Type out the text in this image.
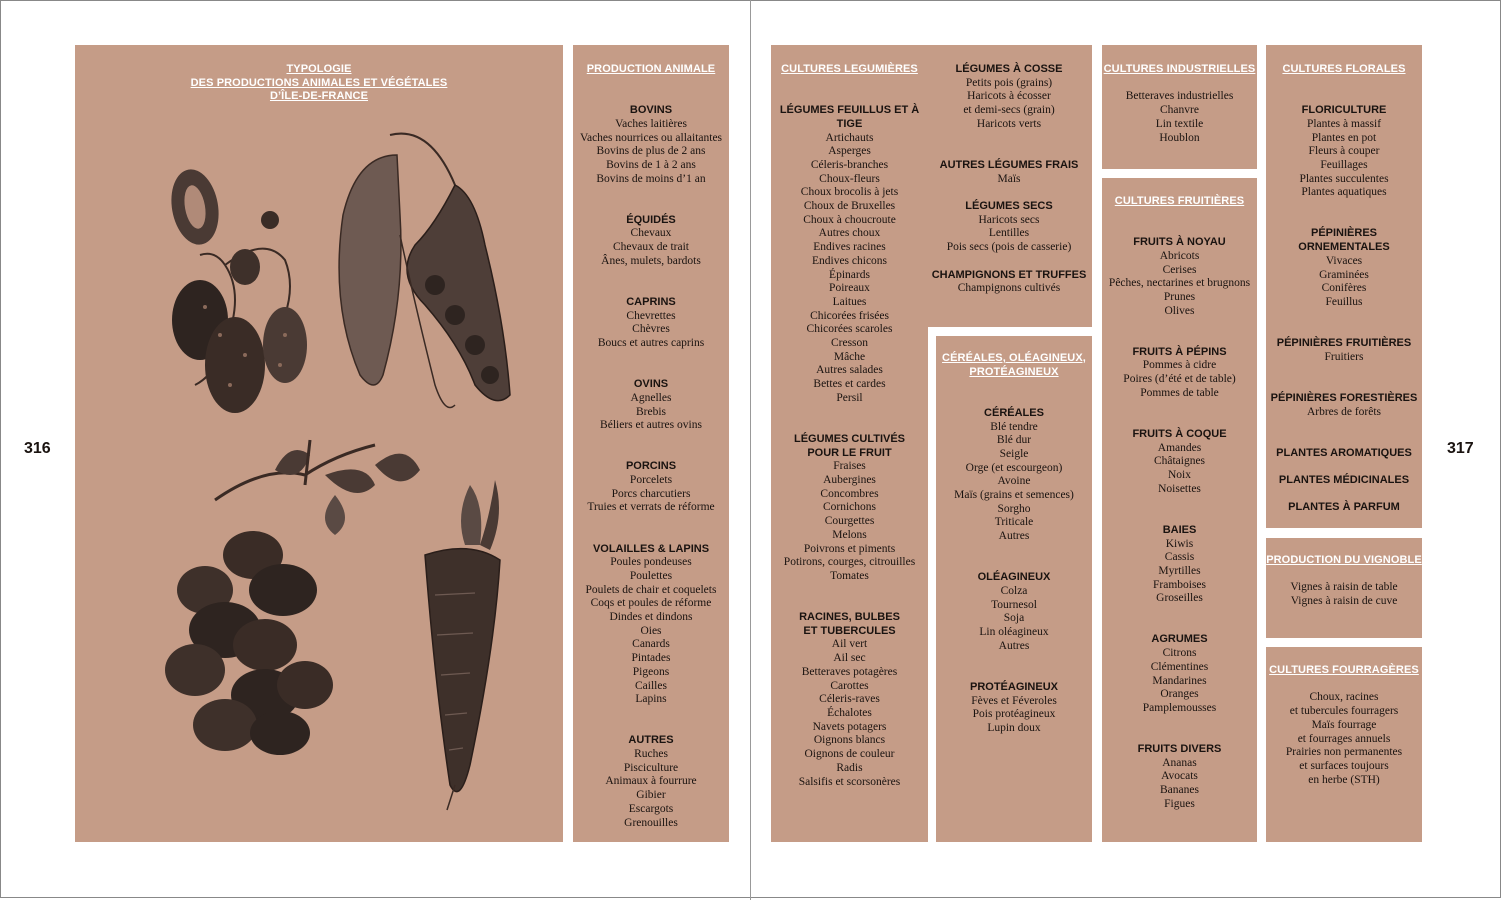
316	317
TYPOLOGIE
DES PRODUCTIONS ANIMALES ET VÉGÉTALES
D’ÎLE-DE-FRANCE
PRODUCTION ANIMALE
BOVINS
Vaches laitières
Vaches nourrices ou allaitantes
Bovins de plus de 2 ans
Bovins de 1 à 2 ans
Bovins de moins d’1 an
ÉQUIDÉS
Chevaux
Chevaux de trait
Ânes, mulets, bardots
CAPRINS
Chevrettes
Chèvres
Boucs et autres caprins
OVINS
Agnelles
Brebis
Béliers et autres ovins
PORCINS
Porcelets
Porcs charcutiers
Truies et verrats de réforme
VOLAILLES & LAPINS
Poules pondeuses
Poulettes
Poulets de chair et coquelets
Coqs et poules de réforme
Dindes et dindons
Oies
Canards
Pintades
Pigeons
Cailles
Lapins
AUTRES
Ruches
Pisciculture
Animaux à fourrure
Gibier
Escargots
Grenouilles
CULTURES LEGUMIÈRES
LÉGUMES FEUILLUS ET À TIGE
Artichauts
Asperges
Céleris-branches
Choux-fleurs
Choux brocolis à jets
Choux de Bruxelles
Choux à choucroute
Autres choux
Endives racines
Endives chicons
Épinards
Poireaux
Laitues
Chicorées frisées
Chicorées scaroles
Cresson
Mâche
Autres salades
Bettes et cardes
Persil
LÉGUMES CULTIVÉS
POUR LE FRUIT
Fraises
Aubergines
Concombres
Cornichons
Courgettes
Melons
Poivrons et piments
Potirons, courges, citrouilles
Tomates
RACINES, BULBES
ET TUBERCULES
Ail vert
Ail sec
Betteraves potagères
Carottes
Céleris-raves
Échalotes
Navets potagers
Oignons blancs
Oignons de couleur
Radis
Salsifis et scorsonères
LÉGUMES À COSSE
Petits pois (grains)
Haricots à écosser
et demi-secs (grain)
Haricots verts
AUTRES LÉGUMES FRAIS
Maïs
LÉGUMES SECS
Haricots secs
Lentilles
Pois secs (pois de casserie)
CHAMPIGNONS ET TRUFFES
Champignons cultivés
CÉRÉALES, OLÉAGINEUX,
PROTÉAGINEUX
CÉRÉALES
Blé tendre
Blé dur
Seigle
Orge (et escourgeon)
Avoine
Maïs (grains et semences)
Sorgho
Triticale
Autres
OLÉAGINEUX
Colza
Tournesol
Soja
Lin oléagineux
Autres
PROTÉAGINEUX
Fèves et Féveroles
Pois protéagineux
Lupin doux
CULTURES INDUSTRIELLES
Betteraves industrielles
Chanvre
Lin textile
Houblon
CULTURES FRUITIÈRES
FRUITS À NOYAU
Abricots
Cerises
Pêches, nectarines et brugnons
Prunes
Olives
FRUITS À PÉPINS
Pommes à cidre
Poires (d’été et de table)
Pommes de table
FRUITS À COQUE
Amandes
Châtaignes
Noix
Noisettes
BAIES
Kiwis
Cassis
Myrtilles
Framboises
Groseilles
AGRUMES
Citrons
Clémentines
Mandarines
Oranges
Pamplemousses
FRUITS DIVERS
Ananas
Avocats
Bananes
Figues
CULTURES FLORALES
FLORICULTURE
Plantes à massif
Plantes en pot
Fleurs à couper
Feuillages
Plantes succulentes
Plantes aquatiques
PÉPINIÈRES ORNEMENTALES
Vivaces
Graminées
Conifères
Feuillus
PÉPINIÈRES FRUITIÈRES
Fruitiers
PÉPINIÈRES FORESTIÈRES
Arbres de forêts
PLANTES AROMATIQUES
PLANTES MÉDICINALES
PLANTES À PARFUM
PRODUCTION DU VIGNOBLE
Vignes à raisin de table
Vignes à raisin de cuve
CULTURES FOURRAGÈRES
Choux, racines
et tubercules fourragers
Maïs fourrage
et fourrages annuels
Prairies non permanentes
et surfaces toujours
en herbe (STH)
